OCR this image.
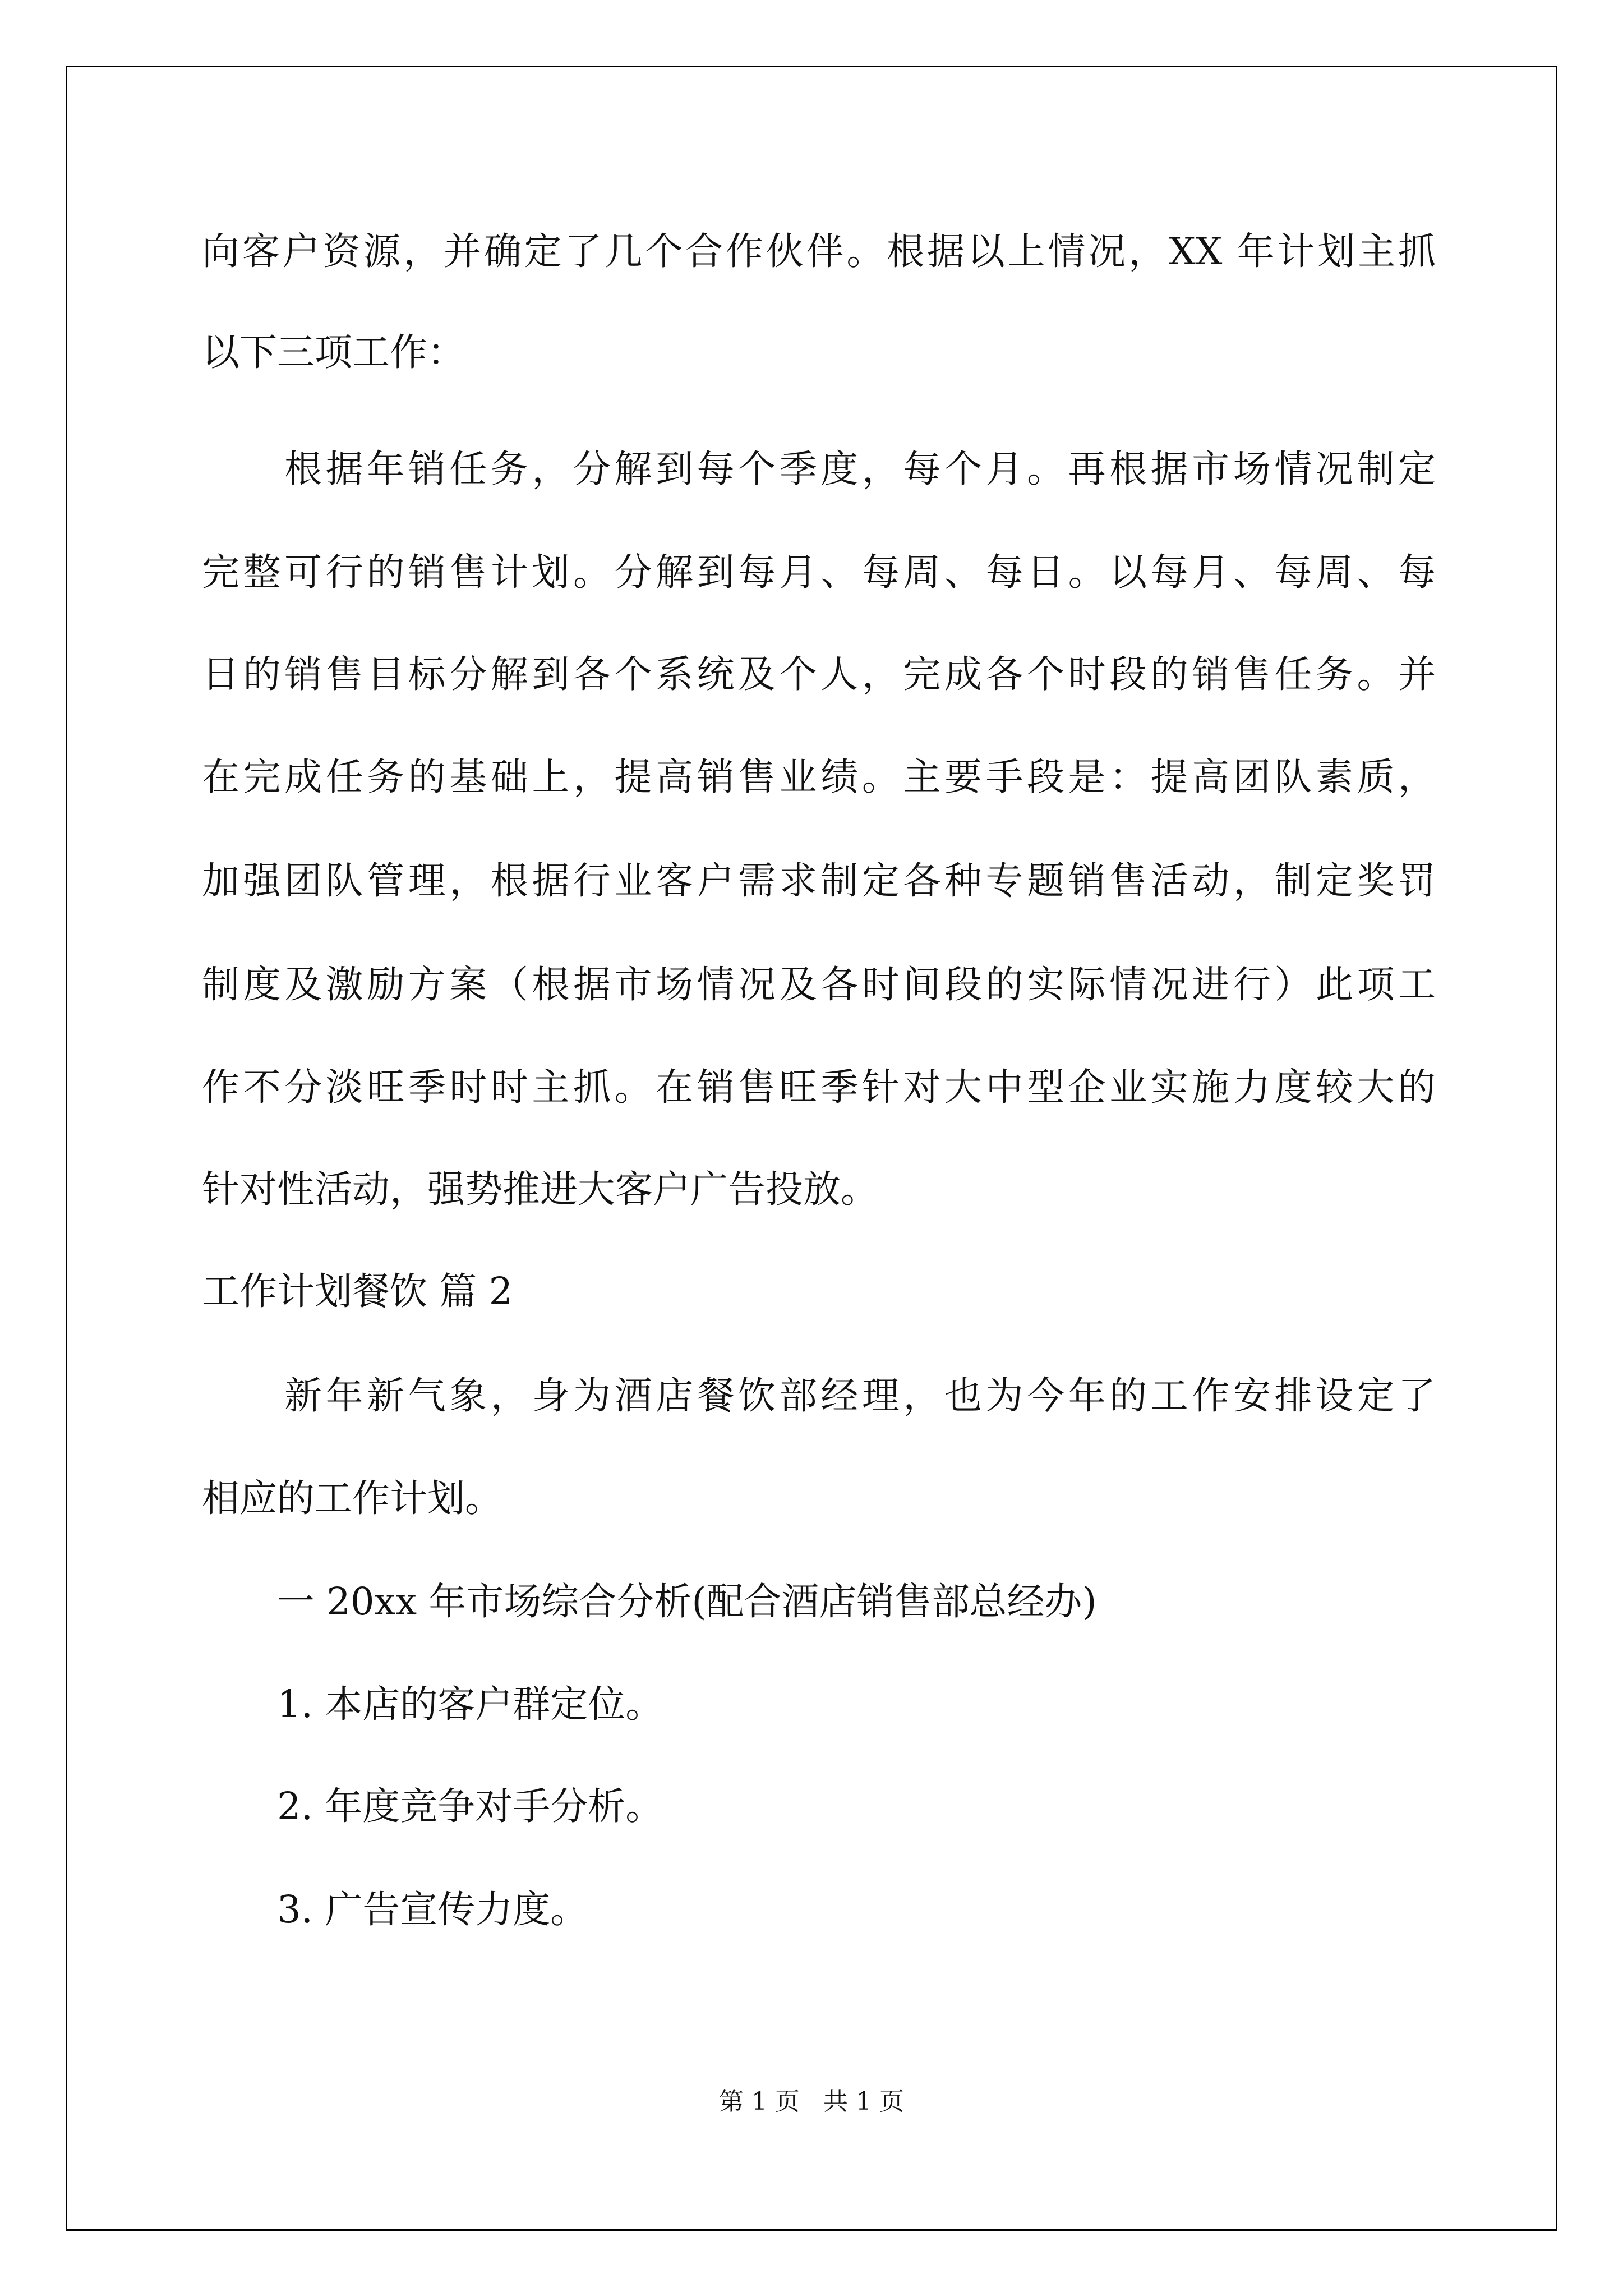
向客户资源，并确定了几个合作伙伴。根据以上情况，XX 年计划主抓
以下三项工作：
　　根据年销任务，分解到每个季度，每个月。再根据市场情况制定
完整可行的销售计划。分解到每月、每周、每日。以每月、每周、每
日的销售目标分解到各个系统及个人，完成各个时段的销售任务。并
在完成任务的基础上，提高销售业绩。主要手段是：提高团队素质，
加强团队管理，根据行业客户需求制定各种专题销售活动，制定奖罚
制度及激励方案（根据市场情况及各时间段的实际情况进行）此项工
作不分淡旺季时时主抓。在销售旺季针对大中型企业实施力度较大的
针对性活动，强势推进大客户广告投放。
工作计划餐饮 篇 2
　　新年新气象，身为酒店餐饮部经理，也为今年的工作安排设定了
相应的工作计划。
　　一 20xx 年市场综合分析(配合酒店销售部总经办)
　　1. 本店的客户群定位。
　　2. 年度竞争对手分析。
　　3. 广告宣传力度。
第 1 页   共 1 页
